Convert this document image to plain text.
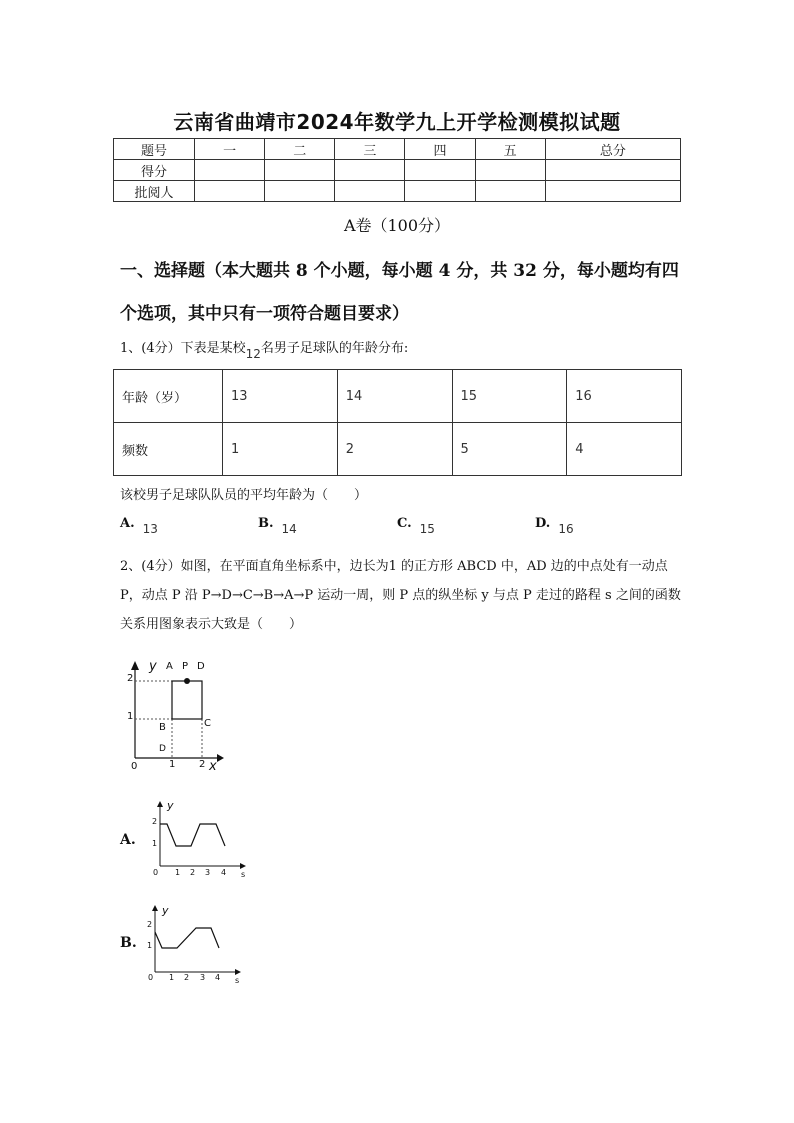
云南省曲靖市2024年数学九上开学检测模拟试题
题号	一	二	三	四	五	总分
得分						
批阅人						
A卷（100分）
一、选择题（本大题共 8 个小题，每小题 4 分，共 32 分，每小题均有四个选项，其中只有一项符合题目要求）
1、(4分）下表是某校12名男子足球队的年龄分布:
年龄（岁）	13	14	15	16
频数	1	2	5	4
该校男子足球队队员的平均年龄为（　　）
A. 13	B. 14	C. 15	D. 16
2、(4分）如图，在平面直角坐标系中，边长为1 的正方形 ABCD 中，AD 边的中点处有一动点 P，动点 P 沿 P→D→C→B→A→P 运动一周，则 P 点的纵坐标 y 与点 P 走过的路程 s 之间的函数关系用图象表示大致是（　　）
y A P D
B	C
D
2
1
0	1 2 x
A.
y
2
1
0 1 2 3 4 s
B.
y
2
1
0 1 2 3 4 s
